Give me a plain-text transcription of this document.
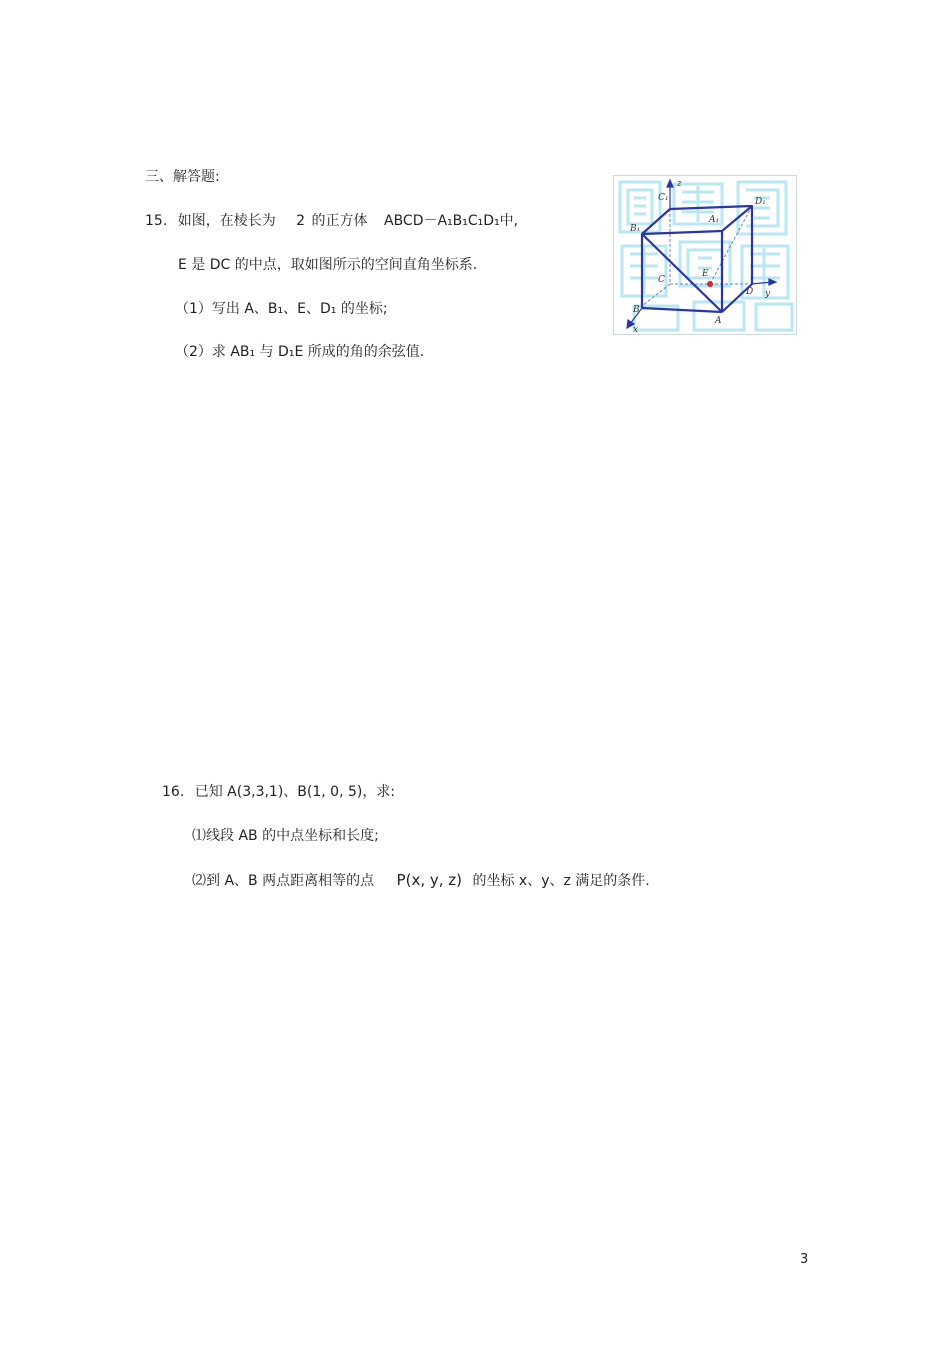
三、解答题:
15. 如图，在棱长为 2 的正方体 ABCD－A₁B₁C₁D₁中,
E 是 DC 的中点，取如图所示的空间直角坐标系.
（1）写出 A、B₁、E、D₁ 的坐标;
（2）求 AB₁ 与 D₁E 所成的角的余弦值.
z
y
x
C₁	D₁
B₁
A₁
C
E
D
B
A
16. 已知 A(3,3,1)、B(1, 0, 5)，求:
⑴线段 AB 的中点坐标和长度;
⑵到 A、B 两点距离相等的点 P(x, y, z) 的坐标 x、y、z 满足的条件.
3
